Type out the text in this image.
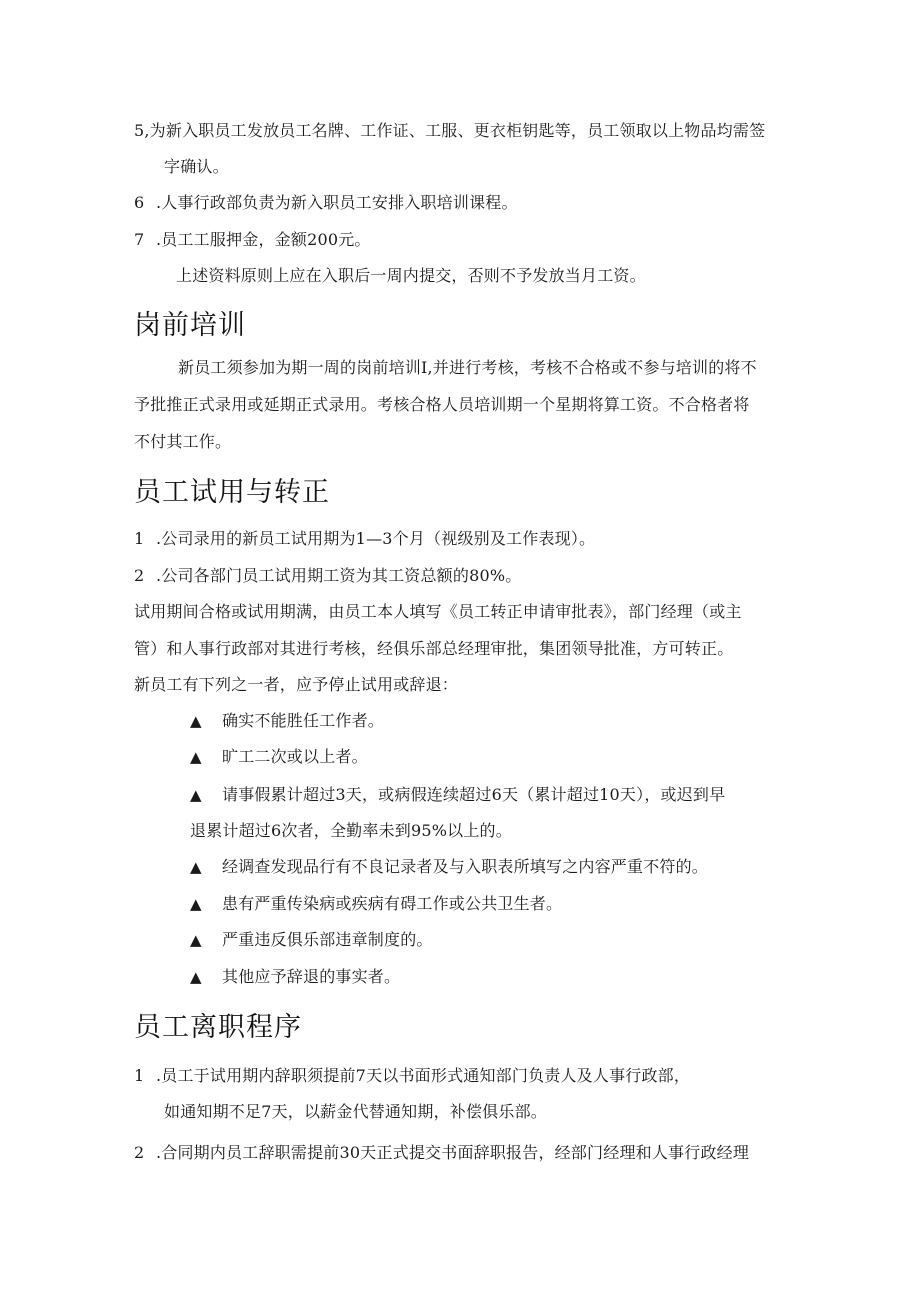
5,为新入职员工发放员工名牌、工作证、工服、更衣柜钥匙等，员工领取以上物品均需签
字确认。
6 .人事行政部负责为新入职员工安排入职培训课程。
7 .员工工服押金，金额200元。
上述资料原则上应在入职后一周内提交，否则不予发放当月工资。
岗前培训
新员工须参加为期一周的岗前培训I,并进行考核，考核不合格或不参与培训的将不
予批推正式录用或延期正式录用。考核合格人员培训期一个星期将算工资。不合格者将
不付其工作。
员工试用与转正
1 .公司录用的新员工试用期为1—3个月（视级别及工作表现）。
2 .公司各部门员工试用期工资为其工资总额的80%。
试用期间合格或试用期满，由员工本人填写《员工转正申请审批表》，部门经理（或主
管）和人事行政部对其进行考核，经俱乐部总经理审批，集团领导批准，方可转正。
新员工有下列之一者，应予停止试用或辞退：
▲ 确实不能胜任工作者。
▲ 旷工二次或以上者。
▲ 请事假累计超过3天，或病假连续超过6天（累计超过10天），或迟到早
退累计超过6次者，全勤率未到95%以上的。
▲ 经调查发现品行有不良记录者及与入职表所填写之内容严重不符的。
▲ 患有严重传染病或疾病有碍工作或公共卫生者。
▲ 严重违反俱乐部违章制度的。
▲ 其他应予辞退的事实者。
员工离职程序
1 .员工于试用期内辞职须提前7天以书面形式通知部门负责人及人事行政部，
如通知期不足7天，以薪金代替通知期，补偿俱乐部。
2 .合同期内员工辞职需提前30天正式提交书面辞职报告，经部门经理和人事行政经理
